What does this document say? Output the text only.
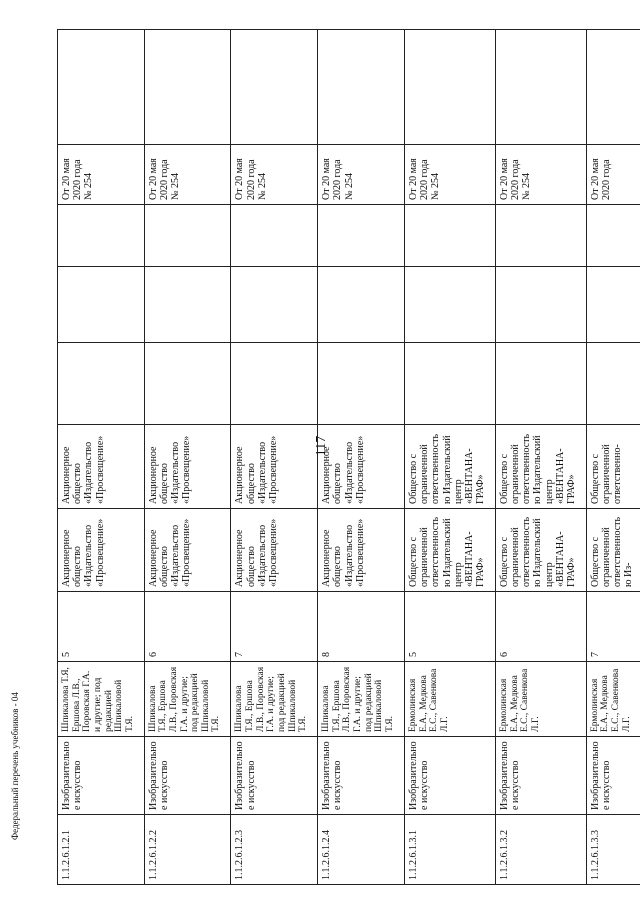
117
Федеральный перечень учебников - 04
1.1.2.6.1.2.1	Изобразительное искусство	Шпикалова Т.Я, Ершова Л.В., Поровская Г.А. и другие; под редакцией Шпикаловой Т.Я.	5	Акционерное общество «Издательство «Просвещение»	Акционерное общество «Издательство «Просвещение»				От 20 мая 2020 года № 254	
1.1.2.6.1.2.2	Изобразительное искусство	Шпикалова Т.Я., Ершова Л.В., Поровская Г.А. и другие; под редакцией Шпикаловой Т.Я.	6	Акционерное общество «Издательство «Просвещение»	Акционерное общество «Издательство «Просвещение»				От 20 мая 2020 года № 254	
1.1.2.6.1.2.3	Изобразительное искусство	Шпикалова Т.Я., Ершова Л.В., Поровская Г.А. и другие; под редакцией Шпикаловой Т.Я.	7	Акционерное общество «Издательство «Просвещение»	Акционерное общество «Издательство «Просвещение»				От 20 мая 2020 года № 254	
1.1.2.6.1.2.4	Изобразительное искусство	Шпикалова Т.Я., Ершова Л.В., Поровская Г.А. и другие; под редакцией Шпикаловой Т.Я.	8	Акционерное общество «Издательство «Просвещение»	Акционерное общество «Издательство «Просвещение»				От 20 мая 2020 года № 254	
1.1.2.6.1.3.1	Изобразительное искусство	Ермолинская Е.А., Медкова Е.С., Савенкова Л.Г.	5	Общество с ограниченной ответственностью Издательский центр «ВЕНТАНА-ГРАФ»	Общество с ограниченной ответственностью Издательский центр «ВЕНТАНА-ГРАФ»				От 20 мая 2020 года № 254	
1.1.2.6.1.3.2	Изобразительное искусство	Ермолинская Е.А., Медкова Е.С., Савенкова Л.Г.	6	Общество с ограниченной ответственностью Издательский центр «ВЕНТАНА-ГРАФ»	Общество с ограниченной ответственностью Издательский центр «ВЕНТАНА-ГРАФ»				От 20 мая 2020 года № 254	
1.1.2.6.1.3.3	Изобразительное искусство	Ермолинская Е.А., Медкова Е.С., Савенкова Л.Г.	7	Общество с ограниченной ответственностью Из-	Общество с ограниченной ответственно-				От 20 мая 2020 года	
